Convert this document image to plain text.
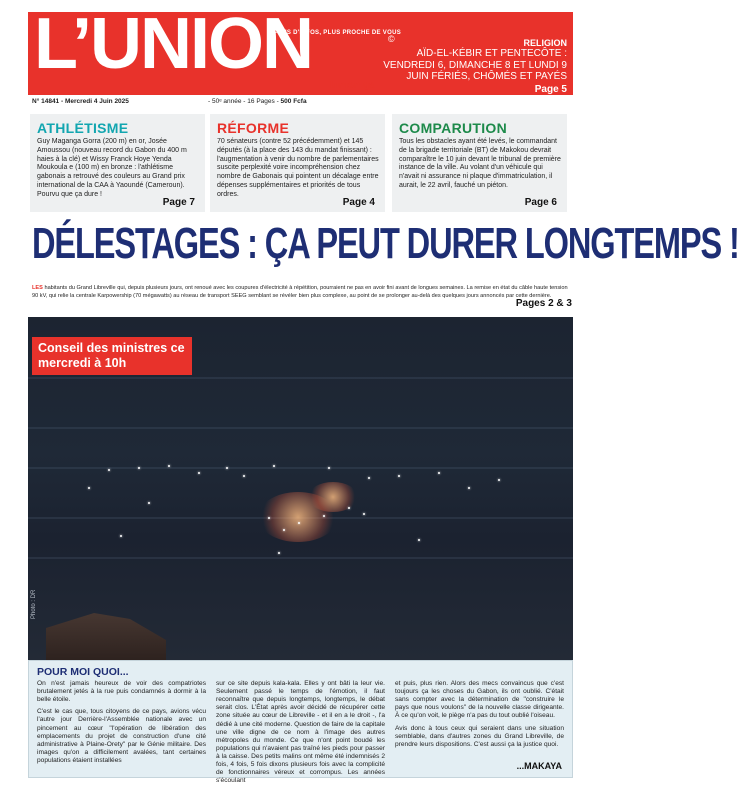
L’UNION	©
PLUS D'INFOS, PLUS PROCHE DE VOUS
RELIGION
AÏD-EL-KÉBIR ET PENTECÔTE : VENDREDI 6, DIMANCHE 8 ET LUNDI 9 JUIN FÉRIÉS, CHÔMÉS ET PAYÉS
Page 5
lunion.ga
N° 14841 - Mercredi 4 Juin 2025	- 50ᵉ année - 16 Pages - 500 Fcfa
ATHLÉTISME

Guy Maganga Gorra (200 m) en or, Josée Amoussou (nouveau record du Gabon du 400 m haies à la clé) et Wissy Franck Hoye Yenda Moukoula e (100 m) en bronze : l'athlétisme gabonais a retrouvé des couleurs au Grand prix international de la CAA à Yaoundé (Cameroun). Pourvu que ça dure !

Page 7
RÉFORME

70 sénateurs (contre 52 précédemment) et 145 députés (à la place des 143 du mandat finissant) : l'augmentation à venir du nombre de parlementaires suscite perplexité voire incompréhension chez nombre de Gabonais qui pointent un décalage entre dépenses supplémentaires et priorités de tous ordres.

Page 4
COMPARUTION

Tous les obstacles ayant été levés, le commandant de la brigade territoriale (BT) de Makokou devrait comparaître le 10 juin devant le tribunal de première instance de la ville. Au volant d'un véhicule qui n'avait ni assurance ni plaque d'immatriculation, il aurait, le 22 avril, fauché un piéton.

Page 6
DÉLESTAGES : ÇA PEUT DURER LONGTEMPS !
LES habitants du Grand Libreville qui, depuis plusieurs jours, ont renoué avec les coupures d'électricité à répétition, pourraient ne pas en avoir fini avant de longues semaines. La remise en état du câble haute tension 90 kV, qui relie la centrale Karpowership (70 mégawatts) au réseau de transport SEEG semblant se révéler bien plus complexe, au point de se prolonger au-delà des quelques jours annoncés par cette dernière.
Pages 2 & 3
Photo : DR
Conseil des ministres ce mercredi à 10h
POUR MOI QUOI...

On n'est jamais heureux de voir des compatriotes brutalement jetés à la rue puis condamnés à dormir à la belle étoile.

C'est le cas que, tous citoyens de ce pays, avions vécu l'autre jour Derrière-l'Assemblée nationale avec un pincement au cœur "l'opération de libération des emplacements du projet de construction d'une cité administrative à Plaine-Orety" par le Génie militaire. Des images qu'on a difficilement avalées, tant certaines populations étaient installées

sur ce site depuis kala-kala. Elles y ont bâti la leur vie. Seulement passé le temps de l'émotion, il faut reconnaître que depuis longtemps, longtemps, le débat serait clos. L'État après avoir décidé de récupérer cette zone située au cœur de Libreville - et il en a le droit -, l'a dédié à une cité moderne. Question de faire de la capitale une ville digne de ce nom à l'image des autres métropoles du monde. Ce que n'ont point boudé les populations qui n'avaient pas traîné les pieds pour passer à la caisse. Des petits malins ont même été indemnisés 2 fois, 4 fois, 5 fois dixons plusieurs fois avec la complicité de fonctionnaires véreux et corrompus. Les années s'écoulant

et puis, plus rien. Alors des mecs convaincus que c'est toujours ça les choses du Gabon, ils ont oublié. C'était sans compter avec la détermination de "construire le pays que nous voulons" de la nouvelle classe dirigeante. À ce qu'on voit, le piège n'a pas du tout oublié l'oiseau.

Avis donc à tous ceux qui seraient dans une situation semblable, dans d'autres zones du Grand Libreville, de prendre leurs dispositions. C'est aussi ça la justice quoi.

...MAKAYA
